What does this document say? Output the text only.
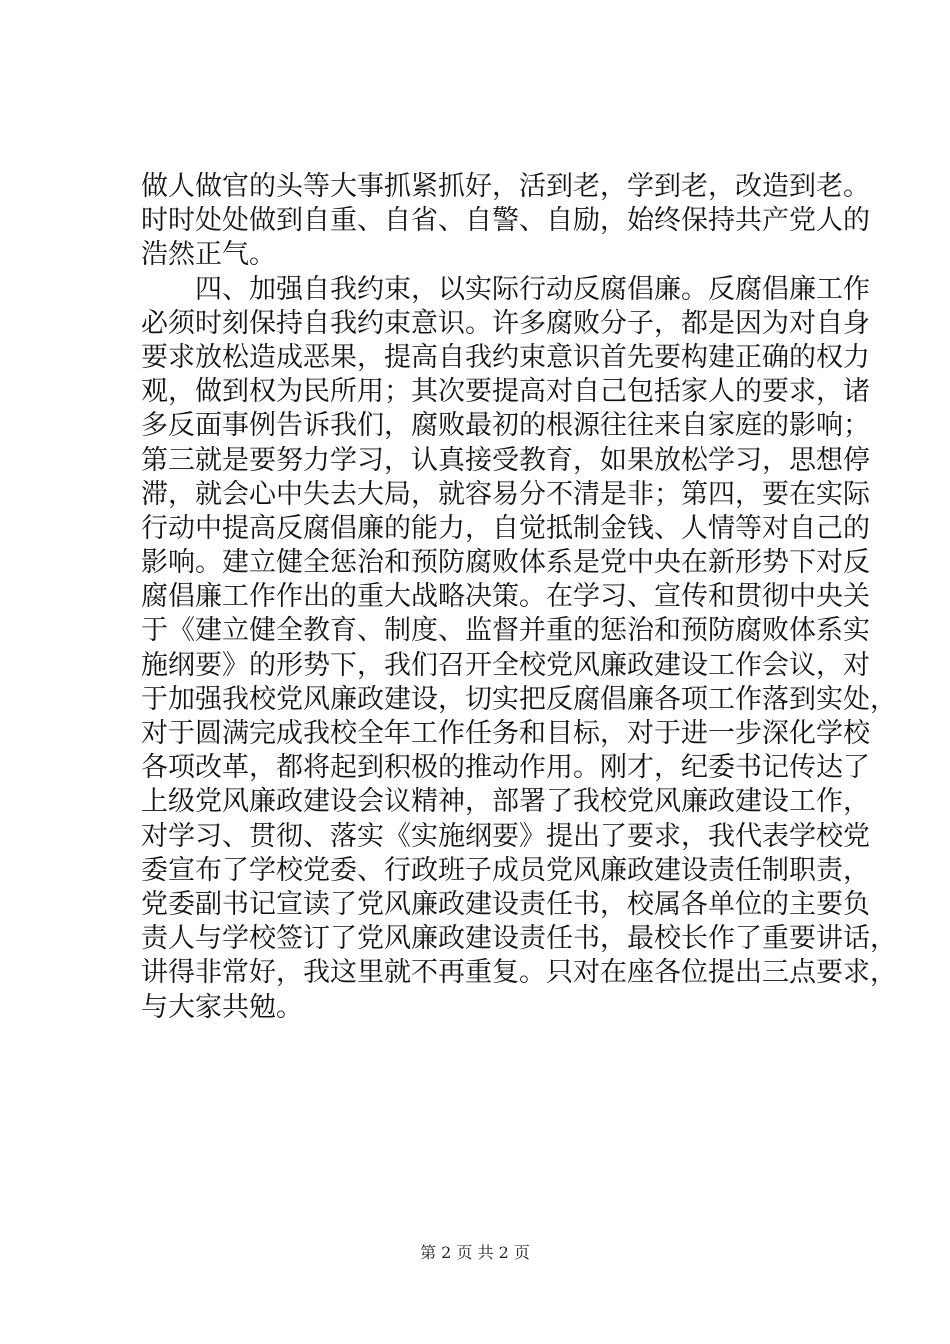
做人做官的头等大事抓紧抓好，活到老，学到老，改造到老。
时时处处做到自重、自省、自警、自励，始终保持共产党人的
浩然正气。
四、加强自我约束，以实际行动反腐倡廉。反腐倡廉工作
必须时刻保持自我约束意识。许多腐败分子，都是因为对自身
要求放松造成恶果，提高自我约束意识首先要构建正确的权力
观，做到权为民所用；其次要提高对自己包括家人的要求，诸
多反面事例告诉我们，腐败最初的根源往往来自家庭的影响；
第三就是要努力学习，认真接受教育，如果放松学习，思想停
滞，就会心中失去大局，就容易分不清是非；第四，要在实际
行动中提高反腐倡廉的能力，自觉抵制金钱、人情等对自己的
影响。建立健全惩治和预防腐败体系是党中央在新形势下对反
腐倡廉工作作出的重大战略决策。在学习、宣传和贯彻中央关
于《建立健全教育、制度、监督并重的惩治和预防腐败体系实
施纲要》的形势下，我们召开全校党风廉政建设工作会议，对
于加强我校党风廉政建设，切实把反腐倡廉各项工作落到实处，
对于圆满完成我校全年工作任务和目标，对于进一步深化学校
各项改革，都将起到积极的推动作用。刚才，纪委书记传达了
上级党风廉政建设会议精神，部署了我校党风廉政建设工作，
对学习、贯彻、落实《实施纲要》提出了要求，我代表学校党
委宣布了学校党委、行政班子成员党风廉政建设责任制职责，
党委副书记宣读了党风廉政建设责任书，校属各单位的主要负
责人与学校签订了党风廉政建设责任书，最校长作了重要讲话，
讲得非常好，我这里就不再重复。只对在座各位提出三点要求，
与大家共勉。
第 2 页 共 2 页
